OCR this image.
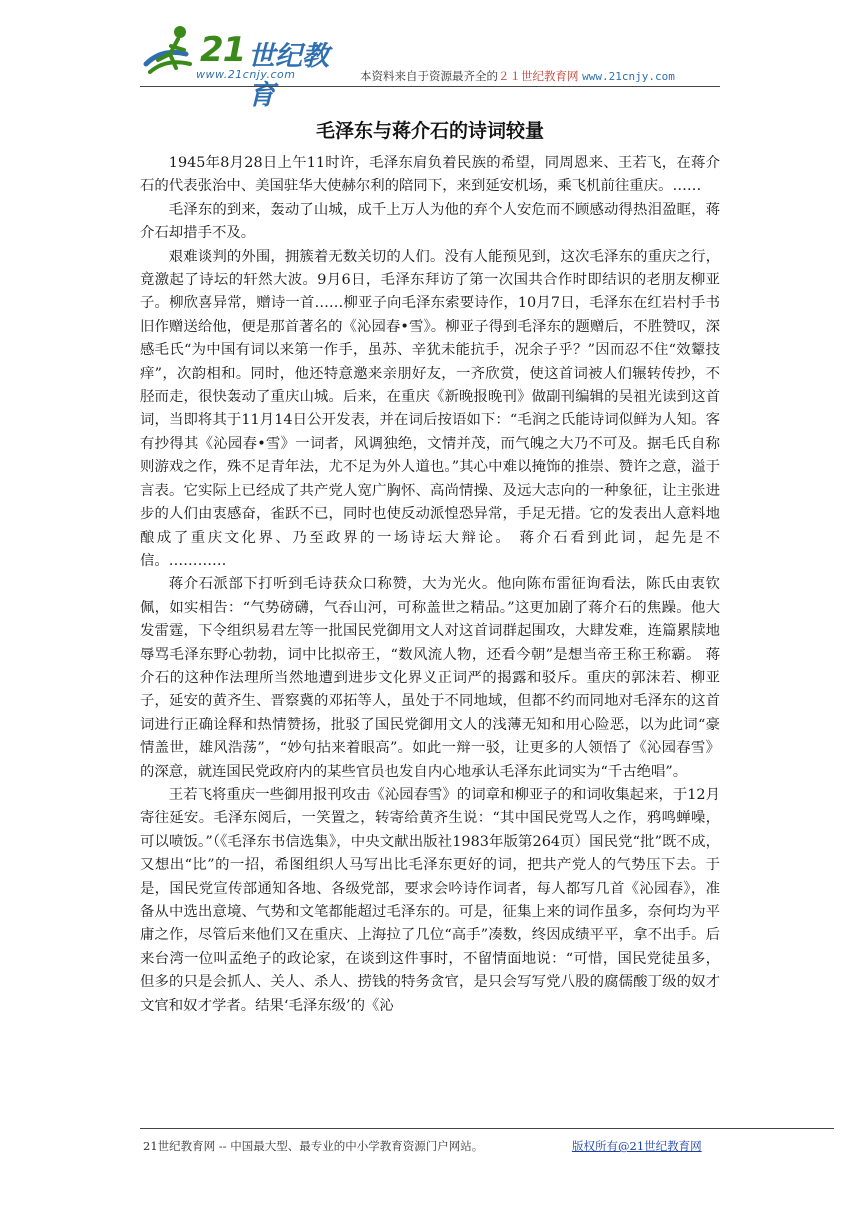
21 世纪教育
www.21cnjy.com	本资料来自于资源最齐全的２１世纪教育网 www.21cnjy.com
毛泽东与蒋介石的诗词较量

1945年8月28日上午11时许，毛泽东肩负着民族的希望，同周恩来、王若飞，在蒋介石的代表张治中、美国驻华大使赫尔利的陪同下，来到延安机场，乘飞机前往重庆。……

毛泽东的到来，轰动了山城，成千上万人为他的弃个人安危而不顾感动得热泪盈眶，蒋介石却措手不及。

艰难谈判的外围，拥簇着无数关切的人们。没有人能预见到，这次毛泽东的重庆之行，竟激起了诗坛的轩然大波。9月6日，毛泽东拜访了第一次国共合作时即结识的老朋友柳亚子。柳欣喜异常，赠诗一首……柳亚子向毛泽东索要诗作，10月7日，毛泽东在红岩村手书旧作赠送给他，便是那首著名的《沁园春•雪》。柳亚子得到毛泽东的题赠后，不胜赞叹，深感毛氏“为中国有词以来第一作手，虽苏、辛犹未能抗手，况余子乎？”因而忍不住“效颦技痒”，次韵相和。同时，他还特意邀来亲朋好友，一齐欣赏，使这首词被人们辗转传抄，不胫而走，很快轰动了重庆山城。后来，在重庆《新晚报晚刊》做副刊编辑的吴祖光读到这首词，当即将其于11月14日公开发表，并在词后按语如下：“毛润之氏能诗词似鲜为人知。客有抄得其《沁园春•雪》一词者，风调独绝，文情并茂，而气魄之大乃不可及。据毛氏自称则游戏之作，殊不足青年法，尤不足为外人道也。”其心中难以掩饰的推崇、赞许之意，溢于言表。它实际上已经成了共产党人宽广胸怀、高尚情操、及远大志向的一种象征，让主张进步的人们由衷感奋，雀跃不已，同时也使反动派惶恐异常，手足无措。它的发表出人意料地酿成了重庆文化界、乃至政界的一场诗坛大辩论。 蒋介石看到此词，起先是不信。…………

蒋介石派部下打听到毛诗获众口称赞，大为光火。他向陈布雷征询看法，陈氏由衷钦佩，如实相告：“气势磅礴，气吞山河，可称盖世之精品。”这更加剧了蒋介石的焦躁。他大发雷霆，下令组织易君左等一批国民党御用文人对这首词群起围攻，大肆发难，连篇累牍地辱骂毛泽东野心勃勃，词中比拟帝王，“数风流人物，还看今朝”是想当帝王称王称霸。 蒋介石的这种作法理所当然地遭到进步文化界义正词严的揭露和驳斥。重庆的郭沫若、柳亚子，延安的黄齐生、晋察冀的邓拓等人，虽处于不同地域，但都不约而同地对毛泽东的这首词进行正确诠释和热情赞扬，批驳了国民党御用文人的浅薄无知和用心险恶，以为此词“豪情盖世，雄风浩荡”，“妙句拈来着眼高”。如此一辩一驳，让更多的人领悟了《沁园春雪》的深意，就连国民党政府内的某些官员也发自内心地承认毛泽东此词实为“千古绝唱”。

王若飞将重庆一些御用报刊攻击《沁园春雪》的词章和柳亚子的和词收集起来，于12月寄往延安。毛泽东阅后，一笑置之，转寄给黄齐生说：“其中国民党骂人之作，鸦鸣蝉噪，可以喷饭。”（《毛泽东书信选集》，中央文献出版社1983年版第264页）国民党“批”既不成，又想出“比”的一招，希图组织人马写出比毛泽东更好的词，把共产党人的气势压下去。于是，国民党宣传部通知各地、各级党部，要求会吟诗作词者，每人都写几首《沁园春》，准备从中选出意境、气势和文笔都能超过毛泽东的。可是，征集上来的词作虽多，奈何均为平庸之作，尽管后来他们又在重庆、上海拉了几位“高手”凑数，终因成绩平平，拿不出手。后来台湾一位叫孟绝子的政论家，在谈到这件事时，不留情面地说：“可惜，国民党徒虽多，但多的只是会抓人、关人、杀人、捞钱的特务贪官，是只会写写党八股的腐儒酸丁级的奴才文官和奴才学者。结果‘毛泽东级’的《沁

21世纪教育网 -- 中国最大型、最专业的中小学教育资源门户网站。	版权所有@21世纪教育网
